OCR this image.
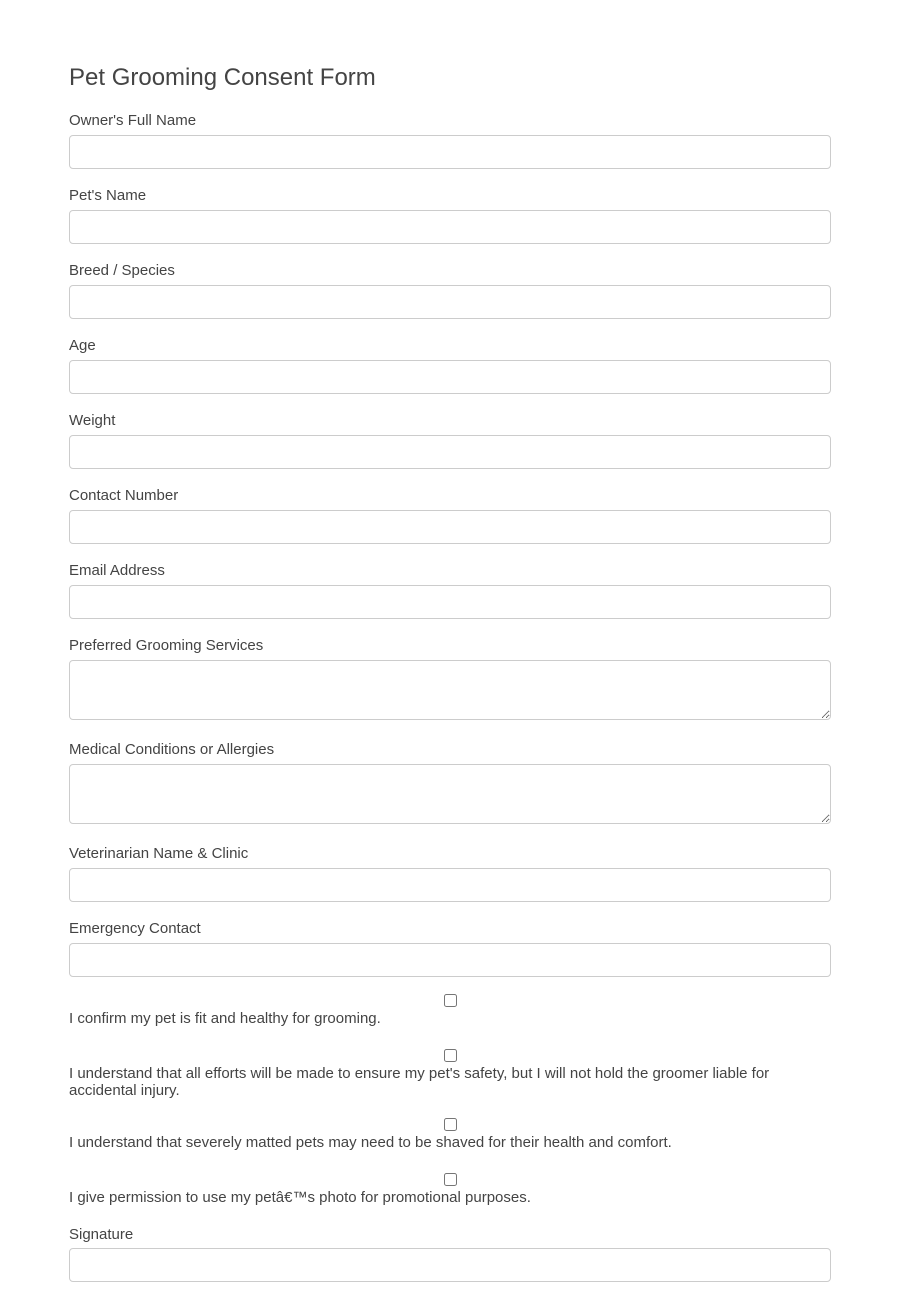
Pet Grooming Consent Form
Owner's Full Name
Pet's Name
Breed / Species
Age
Weight
Contact Number
Email Address
Preferred Grooming Services
Medical Conditions or Allergies
Veterinarian Name & Clinic
Emergency Contact
I confirm my pet is fit and healthy for grooming.
I understand that all efforts will be made to ensure my pet's safety, but I will not hold the groomer liable for accidental injury.
I understand that severely matted pets may need to be shaved for their health and comfort.
I give permission to use my petâ€™s photo for promotional purposes.
Signature
